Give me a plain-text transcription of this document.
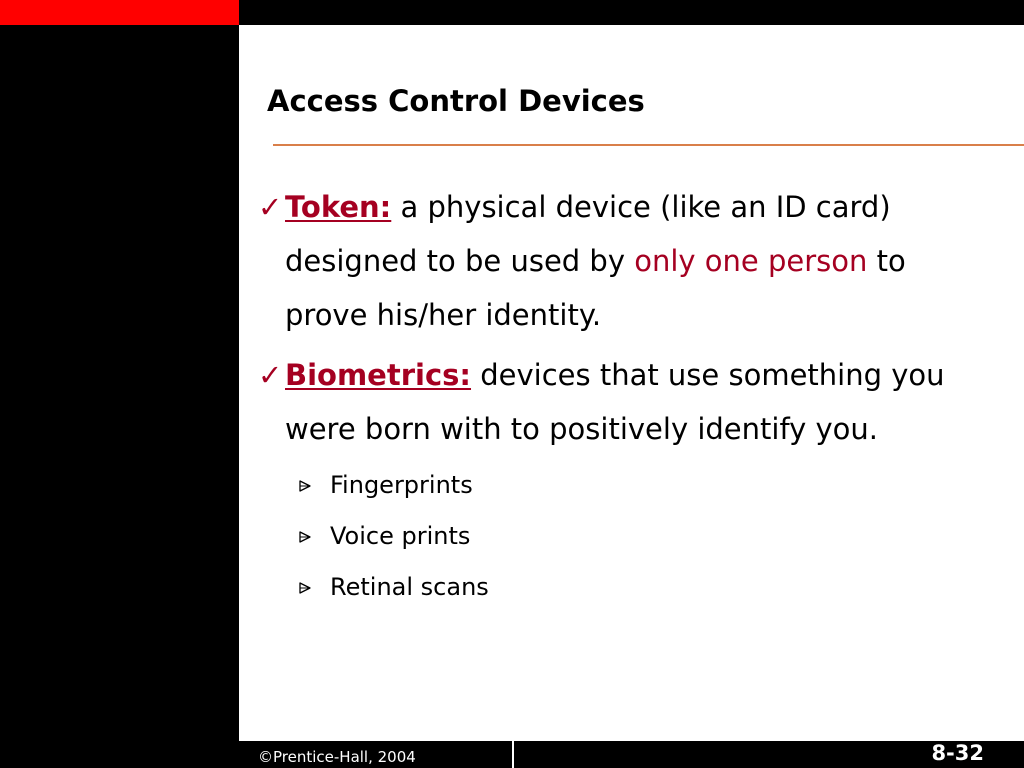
Access Control Devices
✓ Token: a physical device (like an ID card) designed to be used by only one person to prove his/her identity.
✓ Biometrics: devices that use something you were born with to positively identify you.
Fingerprints
Voice prints
Retinal scans
©Prentice-Hall, 2004	8-32
